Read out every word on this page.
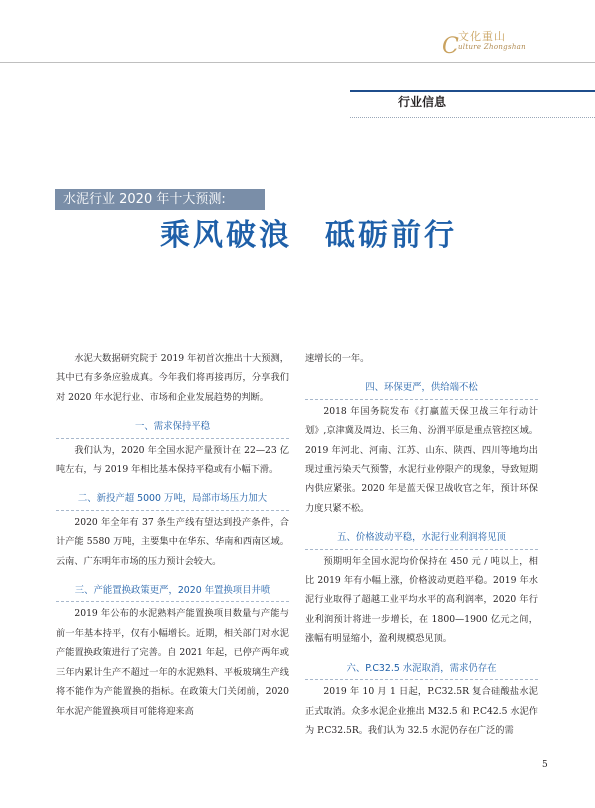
C 文化重山
ulture Zhongshan
行业信息
水泥行业 2020 年十大预测:
乘风破浪　砥砺前行

水泥大数据研究院于 2019 年初首次推出十大预测，其中已有多条应验成真。今年我们将再接再厉，分享我们对 2020 年水泥行业、市场和企业发展趋势的判断。

一、需求保持平稳

我们认为，2020 年全国水泥产量预计在 22—23 亿吨左右，与 2019 年相比基本保持平稳或有小幅下滑。

二、新投产超 5000 万吨，局部市场压力加大

2020 年全年有 37 条生产线有望达到投产条件，合计产能 5580 万吨，主要集中在华东、华南和西南区域。云南、广东明年市场的压力预计会较大。

三、产能置换政策更严，2020 年置换项目井喷

2019 年公布的水泥熟料产能置换项目数量与产能与前一年基本持平，仅有小幅增长。近期，相关部门对水泥产能置换政策进行了完善。自 2021 年起，已停产两年或三年内累计生产不超过一年的水泥熟料、平板玻璃生产线将不能作为产能置换的指标。在政策大门关闭前，2020 年水泥产能置换项目可能将迎来高

速增长的一年。

四、环保更严，供给端不松

2018 年国务院发布《打赢蓝天保卫战三年行动计划》,京津冀及周边、长三角、汾渭平原是重点管控区域。2019 年河北、河南、江苏、山东、陕西、四川等地均出现过重污染天气预警，水泥行业停限产的现象，导致短期内供应紧张。2020 年是蓝天保卫战收官之年，预计环保力度只紧不松。

五、价格波动平稳，水泥行业利润将见顶

预期明年全国水泥均价保持在 450 元 / 吨以上，相比 2019 年有小幅上涨，价格波动更趋平稳。2019 年水泥行业取得了超越工业平均水平的高利润率，2020 年行业利润预计将进一步增长，在 1800—1900 亿元之间，涨幅有明显缩小，盈利规模恐见顶。

六、P.C32.5 水泥取消，需求仍存在

2019 年 10 月 1 日起，P.C32.5R 复合硅酸盐水泥正式取消。众多水泥企业推出 M32.5 和 P.C42.5 水泥作为 P.C32.5R。我们认为 32.5 水泥仍存在广泛的需

5
